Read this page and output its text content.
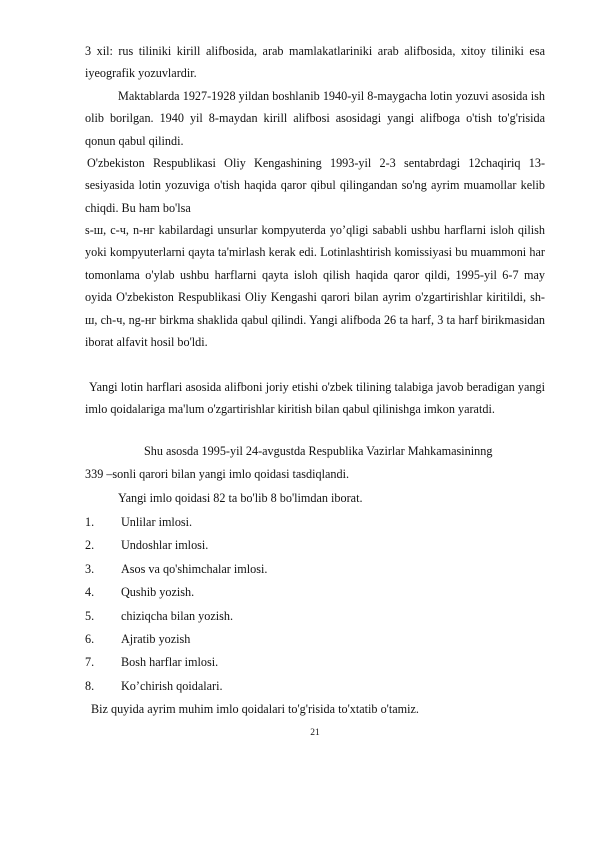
3 xil: rus tiliniki kirill alifbosida, arab mamlakatlariniki arab alifbosida, xitoy tiliniki esa iyeografik yozuvlardir.

Maktablarda 1927-1928 yildan boshlanib 1940-yil 8-maygacha lotin yozuvi asosida ish olib borilgan. 1940 yil 8-maydan kirill alifbosi asosidagi yangi alifboga o'tish to'g'risida qonun qabul qilindi.

O'zbekiston Respublikasi Oliy Kengashining 1993-yil 2-3 sentabrdagi 12chaqiriq 13-sesiyasida lotin yozuviga o'tish haqida qaror qibul qilingandan so'ng ayrim muamollar kelib chiqdi. Bu ham bo'lsa

s-ш, c-ч, n-нг kabilardagi unsurlar kompyuterda yo’qligi sababli ushbu harflarni isloh qilish yoki kompyuterlarni qayta ta'mirlash kerak edi. Lotinlashtirish komissiyasi bu muammoni har tomonlama o'ylab ushbu harflarni qayta isloh qilish haqida qaror qildi, 1995-yil 6-7 may oyida O'zbekiston Respublikasi Oliy Kengashi qarori bilan ayrim o'zgartirishlar kiritildi, sh-ш, ch-ч, ng-нг birkma shaklida qabul qilindi. Yangi alifboda 26 ta harf, 3 ta harf birikmasidan iborat alfavit hosil bo'ldi.

Yangi lotin harflari asosida alifboni joriy etishi o'zbek tilining talabiga javob beradigan yangi imlo qoidalariga ma'lum o'zgartirishlar kiritish bilan qabul qilinishga imkon yaratdi.

Shu asosda 1995-yil 24-avgustda Respublika Vazirlar Mahkamasininng

339 –sonli qarori bilan yangi imlo qoidasi tasdiqlandi.

Yangi imlo qoidasi 82 ta bo'lib 8 bo'limdan iborat.

1. Unlilar imlosi.
2. Undoshlar imlosi.
3. Asos va qo'shimchalar imlosi.
4. Qushib yozish.
5. chiziqcha bilan yozish.
6. Ajratib yozish
7. Bosh harflar imlosi.
8. Ko’chirish qoidalari.

Biz quyida ayrim muhim imlo qoidalari to'g'risida to'xtatib o'tamiz.

21
